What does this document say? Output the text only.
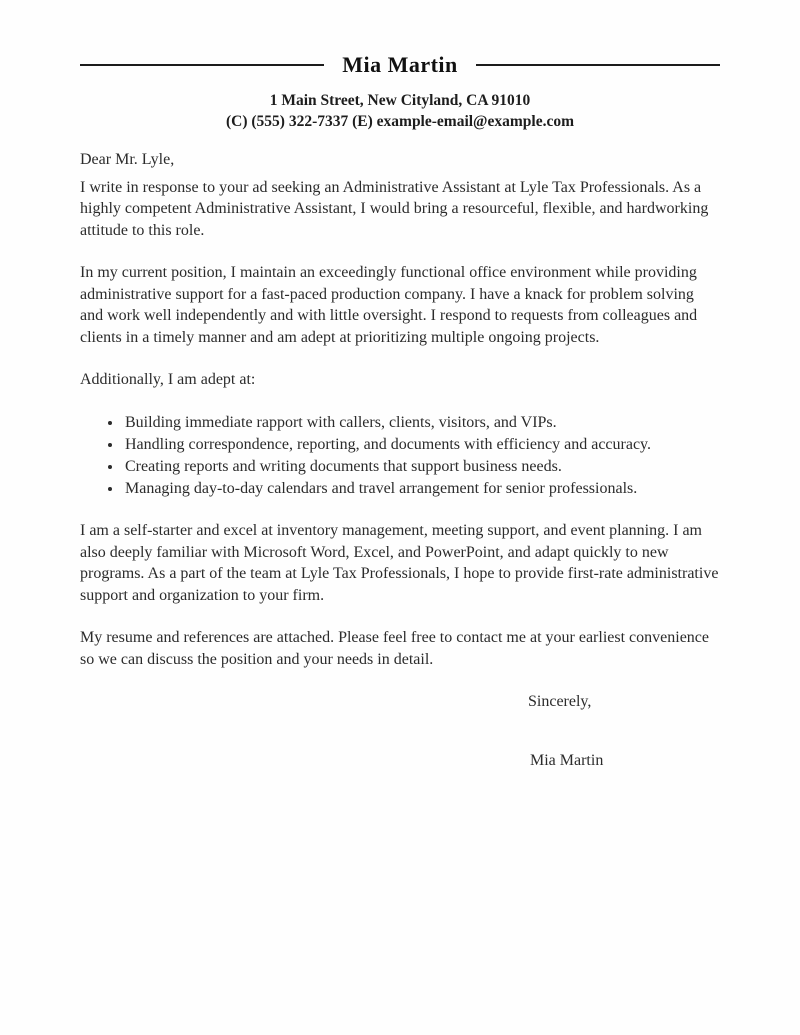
Mia Martin

1 Main Street, New Cityland, CA 91010

(C) (555) 322-7337 (E) example-email@example.com

Dear Mr. Lyle,

I write in response to your ad seeking an Administrative Assistant at Lyle Tax Professionals. As a highly competent Administrative Assistant, I would bring a resourceful, flexible, and hardworking attitude to this role.

In my current position, I maintain an exceedingly functional office environment while providing administrative support for a fast-paced production company. I have a knack for problem solving and work well independently and with little oversight. I respond to requests from colleagues and clients in a timely manner and am adept at prioritizing multiple ongoing projects.

Additionally, I am adept at:

• Building immediate rapport with callers, clients, visitors, and VIPs.
• Handling correspondence, reporting, and documents with efficiency and accuracy.
• Creating reports and writing documents that support business needs.
• Managing day-to-day calendars and travel arrangement for senior professionals.

I am a self-starter and excel at inventory management, meeting support, and event planning. I am also deeply familiar with Microsoft Word, Excel, and PowerPoint, and adapt quickly to new programs. As a part of the team at Lyle Tax Professionals, I hope to provide first-rate administrative support and organization to your firm.

My resume and references are attached. Please feel free to contact me at your earliest convenience so we can discuss the position and your needs in detail.

Sincerely,

Mia Martin
